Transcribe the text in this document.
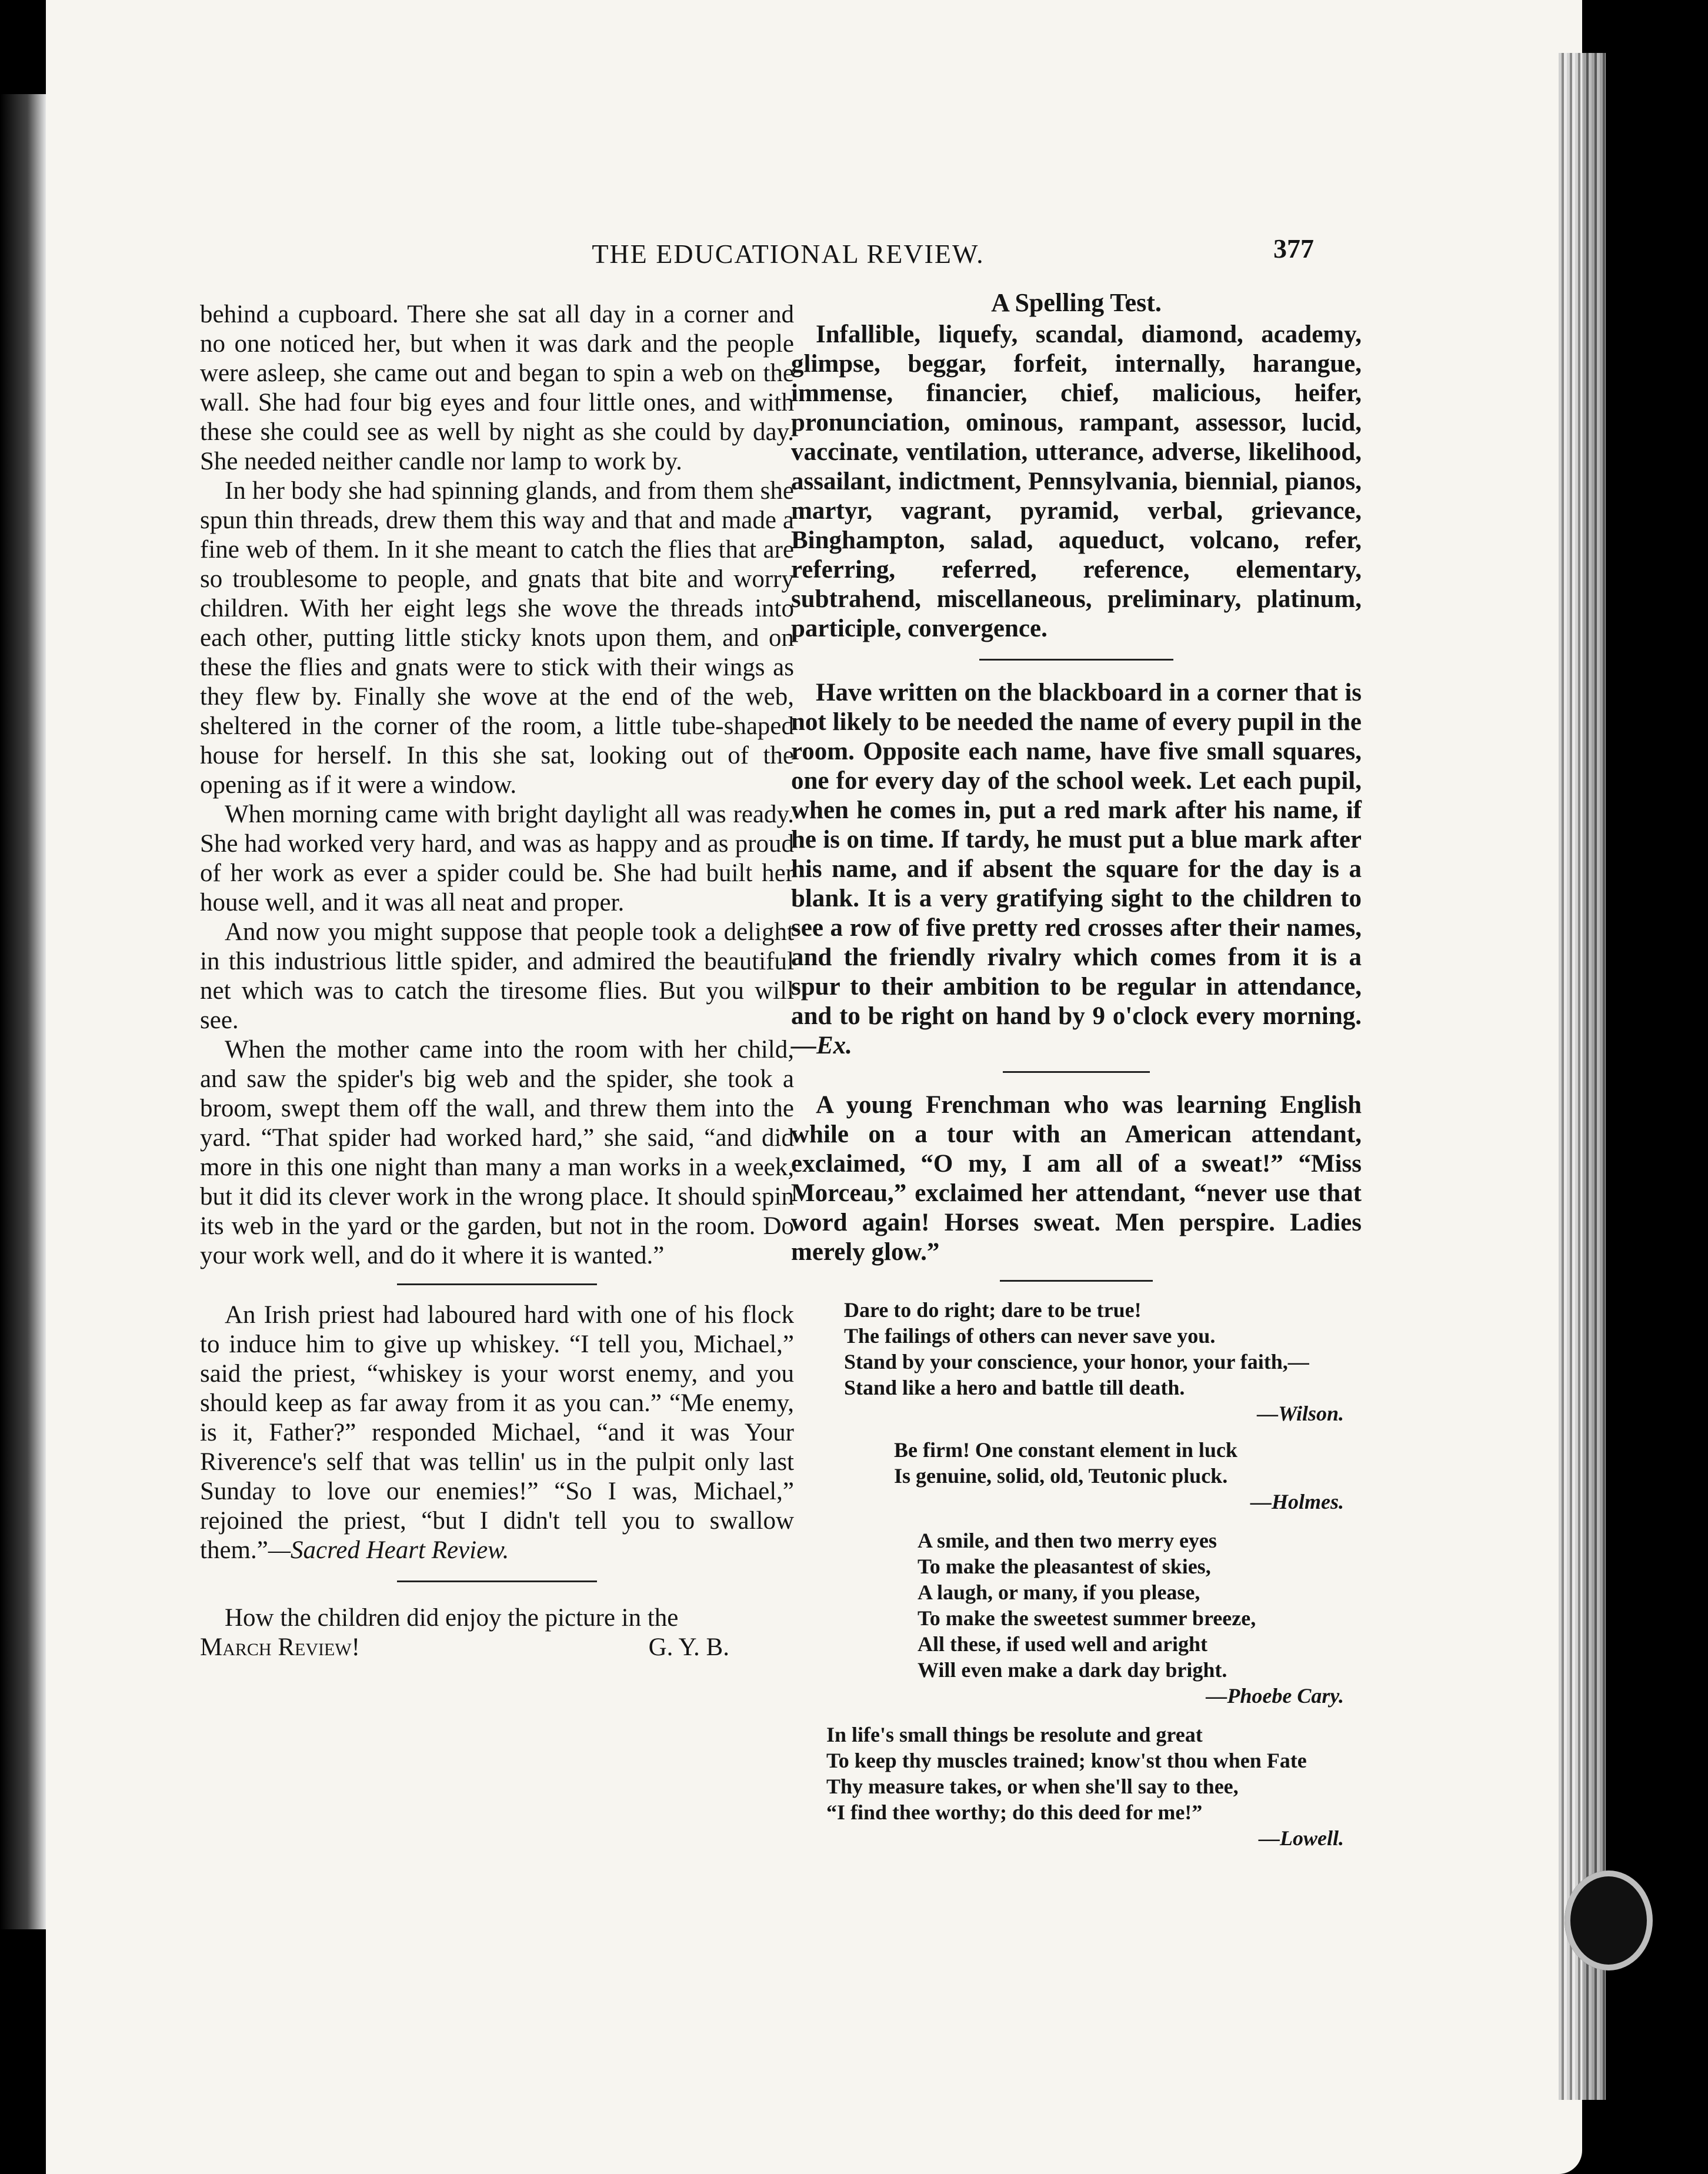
THE EDUCATIONAL REVIEW.	377

behind a cupboard. There she sat all day in a corner and no one noticed her, but when it was dark and the people were asleep, she came out and began to spin a web on the wall. She had four big eyes and four little ones, and with these she could see as well by night as she could by day. She needed neither candle nor lamp to work by.

In her body she had spinning glands, and from them she spun thin threads, drew them this way and that and made a fine web of them. In it she meant to catch the flies that are so troublesome to people, and gnats that bite and worry children. With her eight legs she wove the threads into each other, putting little sticky knots upon them, and on these the flies and gnats were to stick with their wings as they flew by. Finally she wove at the end of the web, sheltered in the corner of the room, a little tube-shaped house for herself. In this she sat, looking out of the opening as if it were a window.

When morning came with bright daylight all was ready. She had worked very hard, and was as happy and as proud of her work as ever a spider could be. She had built her house well, and it was all neat and proper.

And now you might suppose that people took a delight in this industrious little spider, and admired the beautiful net which was to catch the tiresome flies. But you will see.

When the mother came into the room with her child, and saw the spider's big web and the spider, she took a broom, swept them off the wall, and threw them into the yard. “That spider had worked hard,” she said, “and did more in this one night than many a man works in a week, but it did its clever work in the wrong place. It should spin its web in the yard or the garden, but not in the room. Do your work well, and do it where it is wanted.”

An Irish priest had laboured hard with one of his flock to induce him to give up whiskey. “I tell you, Michael,” said the priest, “whiskey is your worst enemy, and you should keep as far away from it as you can.” “Me enemy, is it, Father?” responded Michael, “and it was Your Riverence's self that was tellin' us in the pulpit only last Sunday to love our enemies!” “So I was, Michael,” rejoined the priest, “but I didn't tell you to swallow them.”—Sacred Heart Review.

How the children did enjoy the picture in the

March Review!	G. Y. B.
A Spelling Test.

Infallible, liquefy, scandal, diamond, academy, glimpse, beggar, forfeit, internally, harangue, immense, financier, chief, malicious, heifer, pronunciation, ominous, rampant, assessor, lucid, vaccinate, ventilation, utterance, adverse, likelihood, assailant, indictment, Pennsylvania, biennial, pianos, martyr, vagrant, pyramid, verbal, grievance, Binghampton, salad, aqueduct, volcano, refer, referring, referred, reference, elementary, subtrahend, miscellaneous, preliminary, platinum, participle, convergence.

Have written on the blackboard in a corner that is not likely to be needed the name of every pupil in the room. Opposite each name, have five small squares, one for every day of the school week. Let each pupil, when he comes in, put a red mark after his name, if he is on time. If tardy, he must put a blue mark after his name, and if absent the square for the day is a blank. It is a very gratifying sight to the children to see a row of five pretty red crosses after their names, and the friendly rivalry which comes from it is a spur to their ambition to be regular in attendance, and to be right on hand by 9 o'clock every morning.—Ex.

A young Frenchman who was learning English while on a tour with an American attendant, exclaimed, “O my, I am all of a sweat!” “Miss Morceau,” exclaimed her attendant, “never use that word again! Horses sweat. Men perspire. Ladies merely glow.”

Dare to do right; dare to be true!
The failings of others can never save you.
Stand by your conscience, your honor, your faith,—
Stand like a hero and battle till death.
—Wilson.
Be firm! One constant element in luck
Is genuine, solid, old, Teutonic pluck.
—Holmes.
A smile, and then two merry eyes
To make the pleasantest of skies,
A laugh, or many, if you please,
To make the sweetest summer breeze,
All these, if used well and aright
Will even make a dark day bright.
—Phoebe Cary.
In life's small things be resolute and great
To keep thy muscles trained; know'st thou when Fate
Thy measure takes, or when she'll say to thee,
“I find thee worthy; do this deed for me!”
—Lowell.
